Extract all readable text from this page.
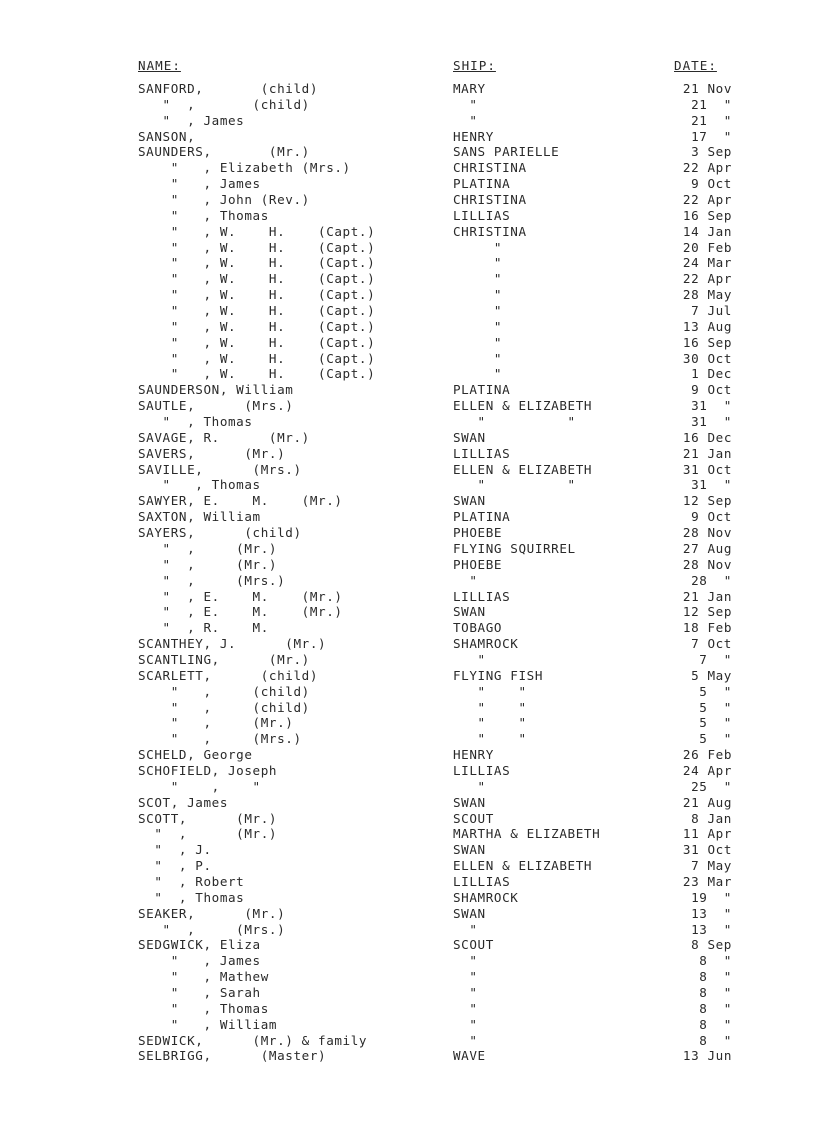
NAME:	SHIP:	DATE:
SANFORD,       (child)	MARY	21 Nov
"  ,       (child)	"	21  "
"  , James	"	21  "
SANSON,	HENRY	17  "
SAUNDERS,       (Mr.)	SANS PARIELLE	3 Sep
"   , Elizabeth (Mrs.)	CHRISTINA	22 Apr
"   , James	PLATINA	9 Oct
"   , John (Rev.)	CHRISTINA	22 Apr
"   , Thomas	LILLIAS	16 Sep
"   , W.    H.    (Capt.)	CHRISTINA	14 Jan
"   , W.    H.    (Capt.)	"	20 Feb
"   , W.    H.    (Capt.)	"	24 Mar
"   , W.    H.    (Capt.)	"	22 Apr
"   , W.    H.    (Capt.)	"	28 May
"   , W.    H.    (Capt.)	"	7 Jul
"   , W.    H.    (Capt.)	"	13 Aug
"   , W.    H.    (Capt.)	"	16 Sep
"   , W.    H.    (Capt.)	"	30 Oct
"   , W.    H.    (Capt.)	"	1 Dec
SAUNDERSON, William	PLATINA	9 Oct
SAUTLE,      (Mrs.)	ELLEN & ELIZABETH	31  "
"  , Thomas	"          "	31  "
SAVAGE, R.      (Mr.)	SWAN	16 Dec
SAVERS,      (Mr.)	LILLIAS	21 Jan
SAVILLE,      (Mrs.)	ELLEN & ELIZABETH	31 Oct
"   , Thomas	"          "	31  "
SAWYER, E.    M.    (Mr.)	SWAN	12 Sep
SAXTON, William	PLATINA	9 Oct
SAYERS,      (child)	PHOEBE	28 Nov
"  ,     (Mr.)	FLYING SQUIRREL	27 Aug
"  ,     (Mr.)	PHOEBE	28 Nov
"  ,     (Mrs.)	"	28  "
"  , E.    M.    (Mr.)	LILLIAS	21 Jan
"  , E.    M.    (Mr.)	SWAN	12 Sep
"  , R.    M.	TOBAGO	18 Feb
SCANTHEY, J.      (Mr.)	SHAMROCK	7 Oct
SCANTLING,      (Mr.)	"	7  "
SCARLETT,      (child)	FLYING FISH	5 May
"   ,     (child)	"    "	5  "
"   ,     (child)	"    "	5  "
"   ,     (Mr.)	"    "	5  "
"   ,     (Mrs.)	"    "	5  "
SCHELD, George	HENRY	26 Feb
SCHOFIELD, Joseph	LILLIAS	24 Apr
"    ,    "	"	25  "
SCOT, James	SWAN	21 Aug
SCOTT,      (Mr.)	SCOUT	8 Jan
"  ,      (Mr.)	MARTHA & ELIZABETH	11 Apr
"  , J.	SWAN	31 Oct
"  , P.	ELLEN & ELIZABETH	7 May
"  , Robert	LILLIAS	23 Mar
"  , Thomas	SHAMROCK	19  "
SEAKER,      (Mr.)	SWAN	13  "
"  ,     (Mrs.)	"	13  "
SEDGWICK, Eliza	SCOUT	8 Sep
"   , James	"	8  "
"   , Mathew	"	8  "
"   , Sarah	"	8  "
"   , Thomas	"	8  "
"   , William	"	8  "
SEDWICK,      (Mr.) & family	"	8  "
SELBRIGG,      (Master)	WAVE	13 Jun
